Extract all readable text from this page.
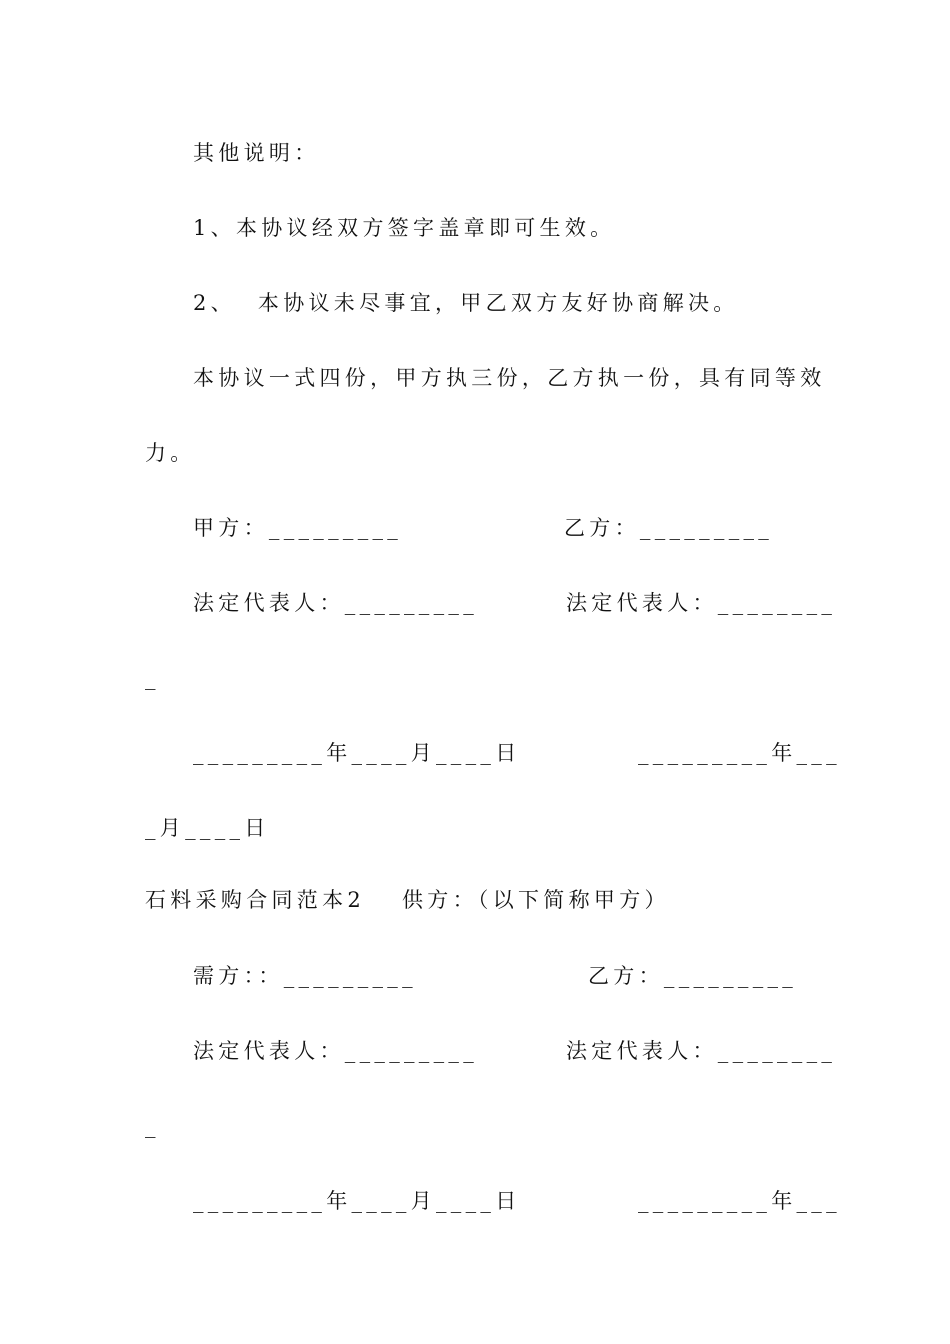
其他说明：
1、本协议经双方签字盖章即可生效。
2、  本协议未尽事宜，甲乙双方友好协商解决。
本协议一式四份，甲方执三份，乙方执一份，具有同等效
力。
甲方：_________	乙方：_________
法定代表人：_________	法定代表人：________
_
_________年____月____日	_________年___
_月____日
石料采购合同范本2 供方：（以下简称甲方）
需方：：_________	乙方：_________
法定代表人：_________	法定代表人：________
_
_________年____月____日	_________年___
